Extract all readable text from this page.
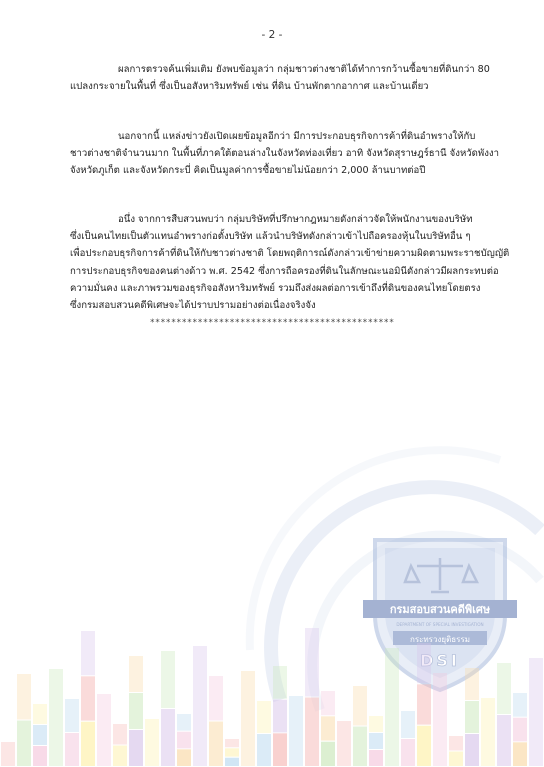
- 2 -
ผลการตรวจค้นเพิ่มเติม ยังพบข้อมูลว่า กลุ่มชาวต่างชาติได้ทำการกว้านซื้อขายที่ดินกว่า 80
แปลงกระจายในพื้นที่ ซึ่งเป็นอสังหาริมทรัพย์ เช่น ที่ดิน บ้านพักตากอากาศ และบ้านเดี่ยว
นอกจากนี้ แหล่งข่าวยังเปิดเผยข้อมูลอีกว่า มีการประกอบธุรกิจการค้าที่ดินอำพรางให้กับ
ชาวต่างชาติจำนวนมาก ในพื้นที่ภาคใต้ตอนล่างในจังหวัดท่องเที่ยว อาทิ จังหวัดสุราษฎร์ธานี จังหวัดพังงา
จังหวัดภูเก็ต และจังหวัดกระบี่ คิดเป็นมูลค่าการซื้อขายไม่น้อยกว่า 2,000 ล้านบาทต่อปี
อนึ่ง จากการสืบสวนพบว่า กลุ่มบริษัทที่ปรึกษากฎหมายดังกล่าวจัดให้พนักงานของบริษัท
ซึ่งเป็นคนไทยเป็นตัวแทนอำพรางก่อตั้งบริษัท แล้วนำบริษัทดังกล่าวเข้าไปถือครองหุ้นในบริษัทอื่น ๆ
เพื่อประกอบธุรกิจการค้าที่ดินให้กับชาวต่างชาติ โดยพฤติการณ์ดังกล่าวเข้าข่ายความผิดตามพระราชบัญญัติ
การประกอบธุรกิจของคนต่างด้าว พ.ศ. 2542 ซึ่งการถือครองที่ดินในลักษณะนอมินีดังกล่าวมีผลกระทบต่อ
ความมั่นคง และภาพรวมของธุรกิจอสังหาริมทรัพย์ รวมถึงส่งผลต่อการเข้าถึงที่ดินของคนไทยโดยตรง
ซึ่งกรมสอบสวนคดีพิเศษจะได้ปราบปรามอย่างต่อเนื่องจริงจัง
**********************************************
กรมสอบสวนคดีพิเศษ
DEPARTMENT OF SPECIAL INVESTIGATION
กระทรวงยุติธรรม
DSI
